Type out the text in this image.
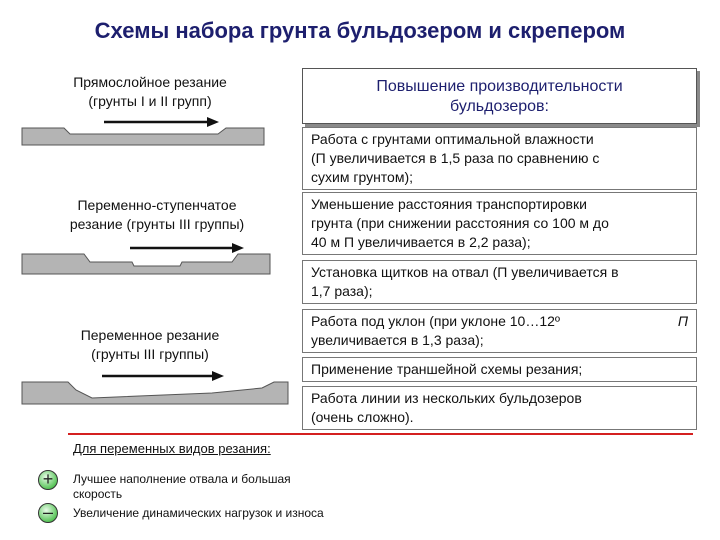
Схемы набора грунта бульдозером и скрепером
Прямослойное резание
(грунты I и II групп)
Переменно-ступенчатое
резание (грунты III группы)
Переменное резание
(грунты III группы)
Повышение производительности
бульдозеров:
Работа с грунтами оптимальной влажности
(П увеличивается в 1,5 раза по сравнению с
сухим грунтом);
Уменьшение расстояния транспортировки
грунта (при снижении расстояния со 100 м до
40 м П увеличивается в 2,2 раза);
Установка щитков на отвал (П увеличивается в
1,7 раза);
Работа под уклон (при уклоне 10…12º
увеличивается в 1,3 раза);
П
Применение траншейной схемы резания;
Работа линии из нескольких бульдозеров
(очень сложно).
Для переменных видов резания:
+	Лучшее наполнение отвала и большая
скорость
–	Увеличение динамических нагрузок и износа
